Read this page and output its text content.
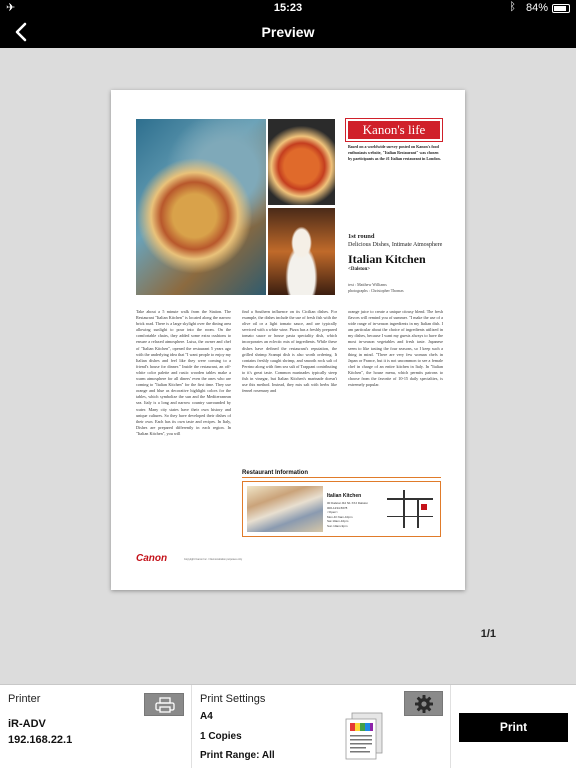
✈	15:23	ᛒ 84%
Preview
Kanon's life
Based on a worldwide survey posted on Kanon's food enthusiasts website, "Italian Restaurant" was chosen by participants as the #1 Italian restaurant in London.
1st round
Delicious Dishes, Intimate Atmosphere
Italian Kitchen
<Dalston>
text : Matthew Williams
photographs : Christopher Thomas
Take about a 5 minute walk from the Station. The Restaurant "Italian Kitchen" is located along the narrow brick road. There is a large skylight over the dining area allowing sunlight to pour into the room. On the comfortable chairs, they added some extra cushions to ensure a relaxed atmosphere. Luisa, the owner and chef of "Italian Kitchen", opened the restaurant 5 years ago with the underlying idea that "I want people to enjoy my Italian dishes and feel like they were coming to a friend's house for dinner." Inside the restaurant, an off-white color palette and rustic wooden tables make a warm atmosphere for all diners' even the ones who are coming to "Italian Kitchen" for the first time. They use orange and blue as decorative highlight colors for the tables, which symbolize the sun and the Mediterranean sea. Italy is a long and narrow country surrounded by water. Many city states have their own history and unique cultures. So they have developed their dishes of their own. Each has its own taste and recipes. In Italy, Dishes are prepared differently in each region. In "Italian Kitchen", you will
find a Southern influence on its Cicilian dishes. For example, the dishes include the use of fresh fish with the olive oil or a light tomato sauce, and are typically serviced with a white wine. Pizza has a freshly prepared tomato sauce or house pasta speciality dish, which incorporates an eclectic mix of ingredients. While these dishes have defined the restaurant's reputation, the grilled shrimp Scampi dish is also worth ordering. It contains freshly caught shrimp, and smooth rock salt of Perrino along with firm sea salt of Trappani contributing to it's great taste. Common marinades typically steep fish in vinegar, but Italian Kitchen's marinade doesn't use this method. Instead, they mix salt with herbs like fennel rosemary and
orange juice to create a unique citrusy blend. The fresh flavors will remind you of summer. "I make the use of a wide range of in-season ingredients in my Italian dish. I am particular about the choice of ingredients utilized in my dishes, because I want my guests always to have the most in-season vegetables and fresh taste. Japanese seem to like tasting the four seasons, so I keep such a thing in mind. "There are very few woman chefs in Japan or France, but it is not uncommon to see a female chef in charge of an entire kitchen in Italy. In "Italian Kitchen", the house menu, which permits patrons to choose from the favorite of 10-15 daily specialties, is extremely popular.
Restaurant Information
Italian Kitchen
00 Dalston Rd N1 XXJ Dalston
000-1234-5678
<Open>
Mon-Fri 6am-10pm
Sat 10am-10pm
Sun 10am-9pm
Canon	Copyright Canon Inc. / Demonstration purposes only
1/1
Printer
iR-ADV
192.168.22.1
Print Settings
A4
1 Copies
Print Range: All
Print
